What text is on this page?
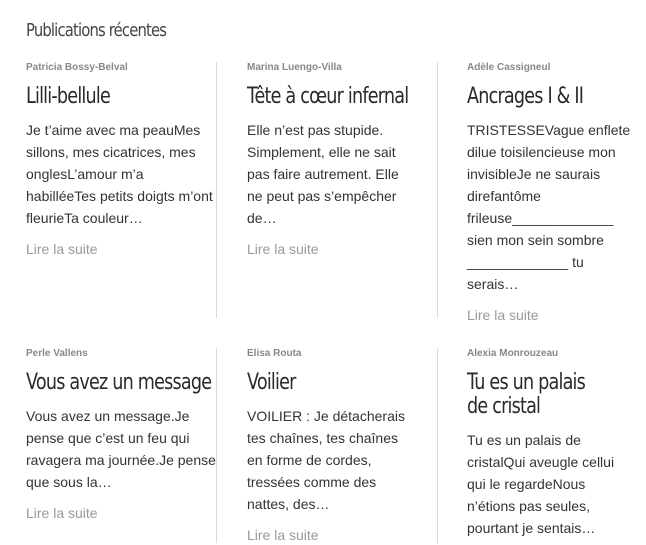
Publications récentes

Patricia Bossy-Belval

Lilli-bellule

Je t’aime avec ma peauMes sillons, mes cicatrices, mes onglesL’amour m’a habilléeTes petits doigts m’ont fleurieTa couleur…

Lire la suite

Marina Luengo-Villa

Tête à cœur infernal

Elle n’est pas stupide. Simplement, elle ne sait pas faire autrement. Elle ne peut pas s’empêcher de…

Lire la suite

Adèle Cassigneul

Ancrages I & II

TRISTESSEVague enflete dilue toisilencieuse mon invisibleJe ne saurais direfantôme frileuse_____________ sien mon sein sombre _____________ tu serais…

Lire la suite

Perle Vallens

Vous avez un message

Vous avez un message.Je pense que c’est un feu qui ravagera ma journée.Je pense que sous la…

Lire la suite

Elisa Routa

Voilier

VOILIER : Je détacherais tes chaînes, tes chaînes en forme de cordes, tressées comme des nattes, des…

Lire la suite

Alexia Monrouzeau

Tu es un palais
de cristal

Tu es un palais de cristalQui aveugle cellui qui le regardeNous n’étions pas seules, pourtant je sentais…
